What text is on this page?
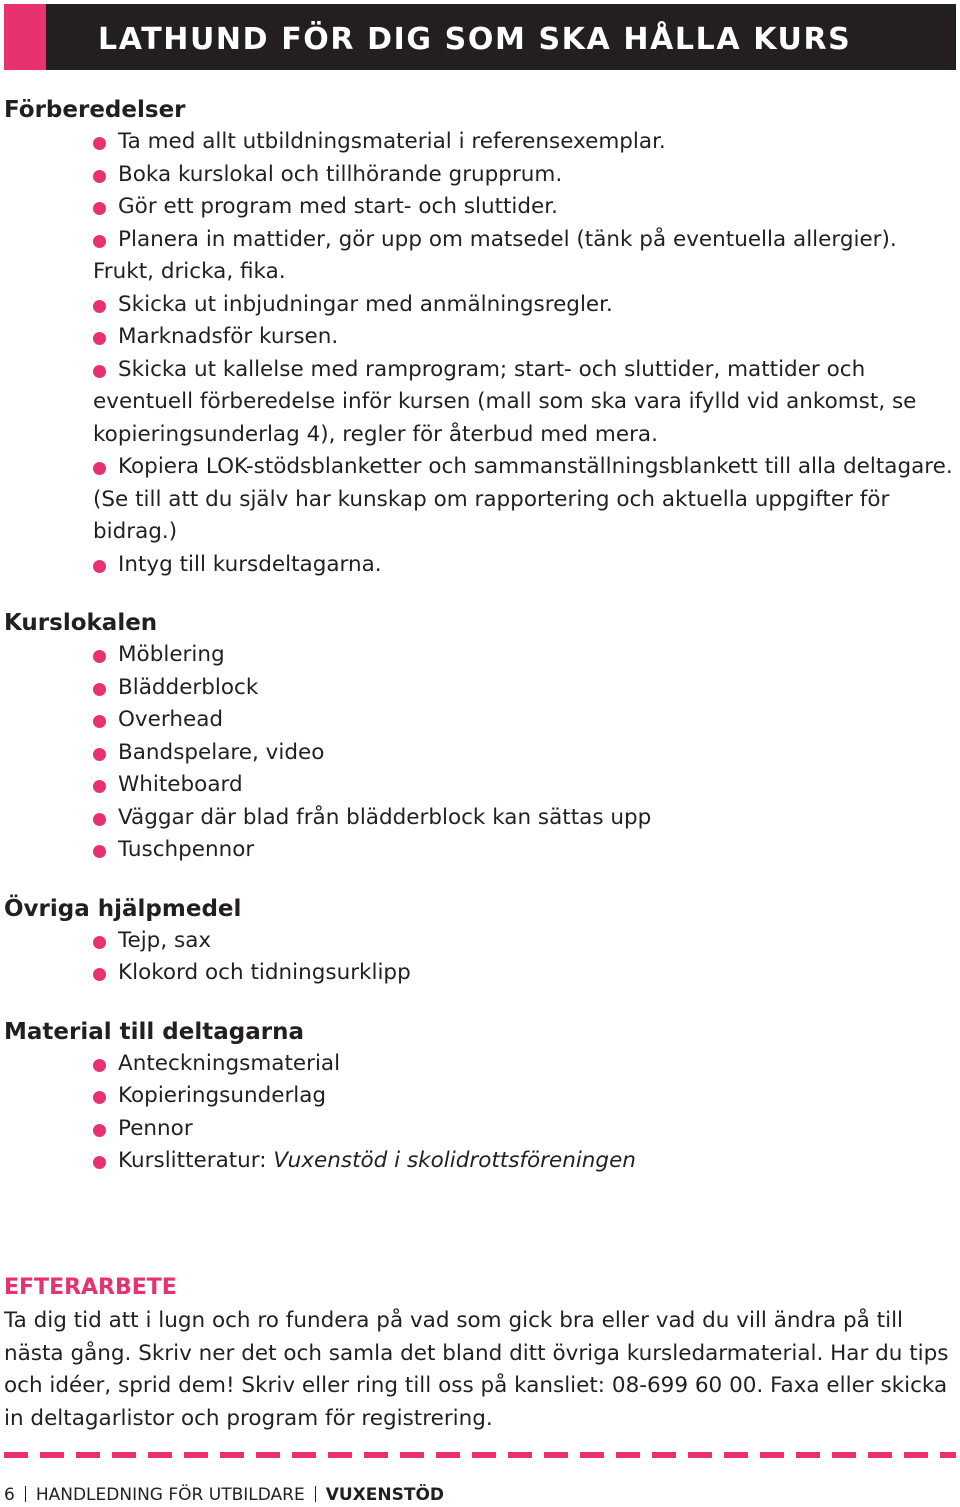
LATHUND FÖR DIG SOM SKA HÅLLA KURS
Förberedelser
Ta med allt utbildningsmaterial i referensexemplar.
Boka kurslokal och tillhörande grupprum.
Gör ett program med start- och sluttider.
Planera in mattider, gör upp om matsedel (tänk på eventuella allergier). Frukt, dricka, fika.
Skicka ut inbjudningar med anmälningsregler.
Marknadsför kursen.
Skicka ut kallelse med ramprogram; start- och sluttider, mattider och eventuell förberedelse inför kursen (mall som ska vara ifylld vid ankomst, se kopieringsunderlag 4), regler för återbud med mera.
Kopiera LOK-stödsblanketter och sammanställningsblankett till alla deltagare. (Se till att du själv har kunskap om rapportering och aktuella uppgifter för bidrag.)
Intyg till kursdeltagarna.
Kurslokalen
Möblering
Blädderblock
Overhead
Bandspelare, video
Whiteboard
Väggar där blad från blädderblock kan sättas upp
Tuschpennor
Övriga hjälpmedel
Tejp, sax
Klokord och tidningsurklipp
Material till deltagarna
Anteckningsmaterial
Kopieringsunderlag
Pennor
Kurslitteratur: Vuxenstöd i skolidrottsföreningen
EFTERARBETE

Ta dig tid att i lugn och ro fundera på vad som gick bra eller vad du vill ändra på till nästa gång. Skriv ner det och samla det bland ditt övriga kursledarmaterial. Har du tips och idéer, sprid dem! Skriv eller ring till oss på kansliet: 08-699 60 00. Faxa eller skicka in deltagarlistor och program för registrering.

6 HANDLEDNING FÖR UTBILDARE VUXENSTÖD
